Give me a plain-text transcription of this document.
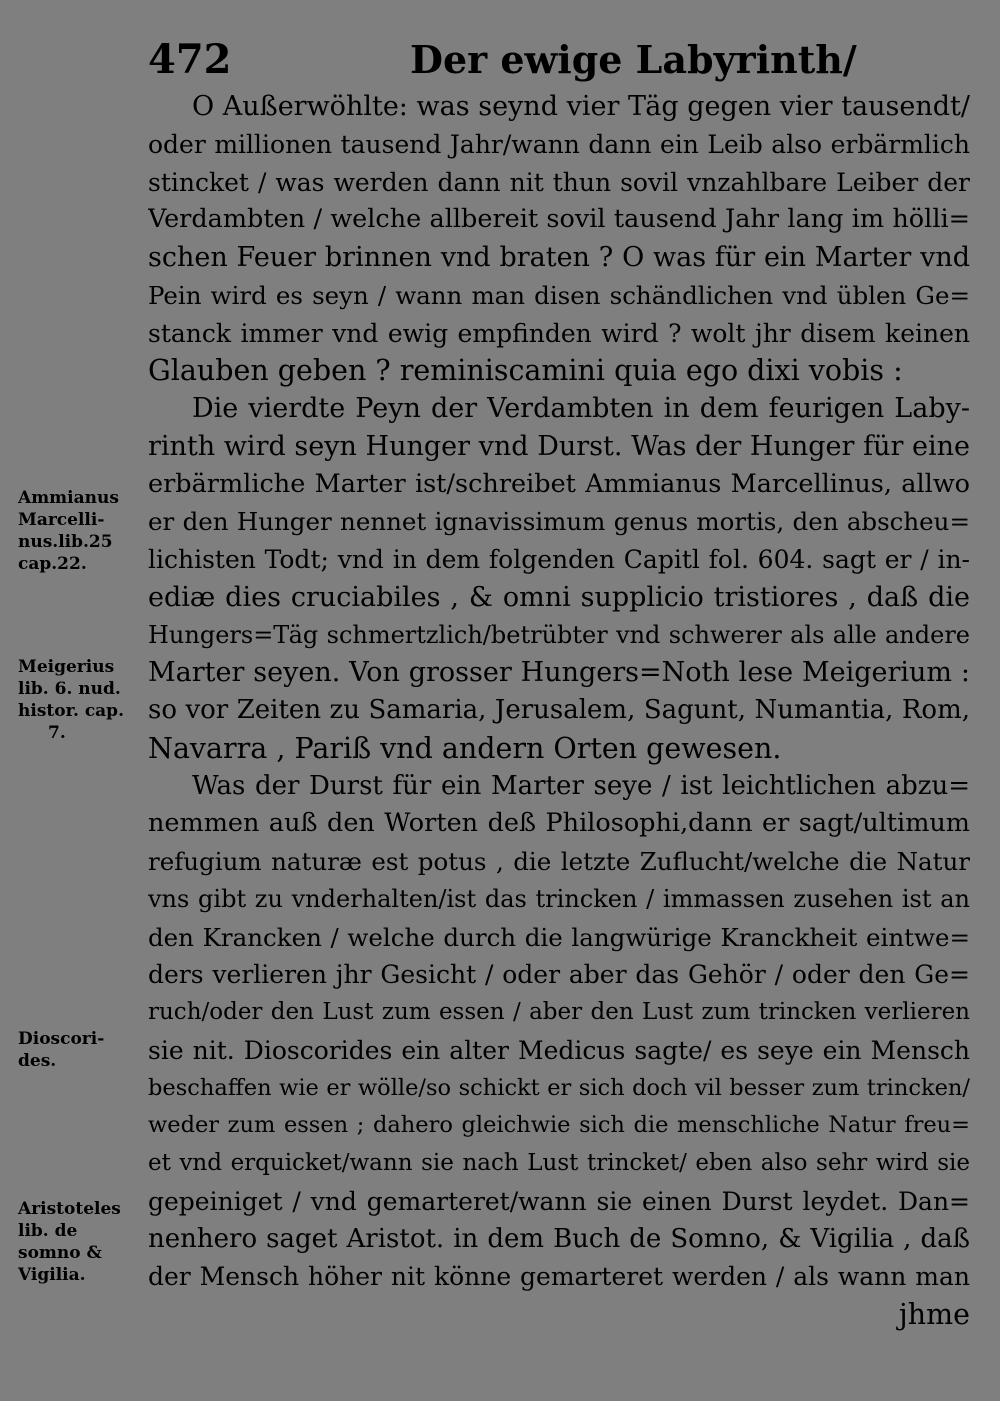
472	Der ewige Labyrinth/
O Außerwöhlte: was seynd vier Täg gegen vier tausendt/
oder millionen tausend Jahr/wann dann ein Leib also erbärmlich
stincket / was werden dann nit thun sovil vnzahlbare Leiber der
Verdambten / welche allbereit sovil tausend Jahr lang im hölli=
schen Feuer brinnen vnd braten ? O was für ein Marter vnd
Pein wird es seyn / wann man disen schändlichen vnd üblen Ge=
stanck immer vnd ewig empfinden wird ? wolt jhr disem keinen
Glauben geben ? reminiscamini quia ego dixi vobis :
Die vierdte Peyn der Verdambten in dem feurigen Laby-
rinth wird seyn Hunger vnd Durst. Was der Hunger für eine
erbärmliche Marter ist/schreibet Ammianus Marcellinus, allwo
er den Hunger nennet ignavissimum genus mortis, den abscheu=
lichisten Todt; vnd in dem folgenden Capitl fol. 604. sagt er / in-
ediæ dies cruciabiles , & omni supplicio tristiores , daß die
Hungers=Täg schmertzlich/betrübter vnd schwerer als alle andere
Marter seyen. Von grosser Hungers=Noth lese Meigerium :
so vor Zeiten zu Samaria, Jerusalem, Sagunt, Numantia, Rom,
Navarra , Pariß vnd andern Orten gewesen.
Was der Durst für ein Marter seye / ist leichtlichen abzu=
nemmen auß den Worten deß Philosophi,dann er sagt/ultimum
refugium naturæ est potus , die letzte Zuflucht/welche die Natur
vns gibt zu vnderhalten/ist das trincken / immassen zusehen ist an
den Krancken / welche durch die langwürige Kranckheit eintwe=
ders verlieren jhr Gesicht / oder aber das Gehör / oder den Ge=
ruch/oder den Lust zum essen / aber den Lust zum trincken verlieren
sie nit. Dioscorides ein alter Medicus sagte/ es seye ein Mensch
beschaffen wie er wölle/so schickt er sich doch vil besser zum trincken/
weder zum essen ; dahero gleichwie sich die menschliche Natur freu=
et vnd erquicket/wann sie nach Lust trincket/ eben also sehr wird sie
gepeiniget / vnd gemarteret/wann sie einen Durst leydet. Dan=
nenhero saget Aristot. in dem Buch de Somno, & Vigilia , daß
der Mensch höher nit könne gemarteret werden / als wann man
jhme
Ammianus
Marcelli-
nus.lib.25
cap.22.
Meigerius
lib. 6. nud.
histor. cap.
7.
Dioscori-
des.
Aristoteles
lib. de
somno &
Vigilia.
